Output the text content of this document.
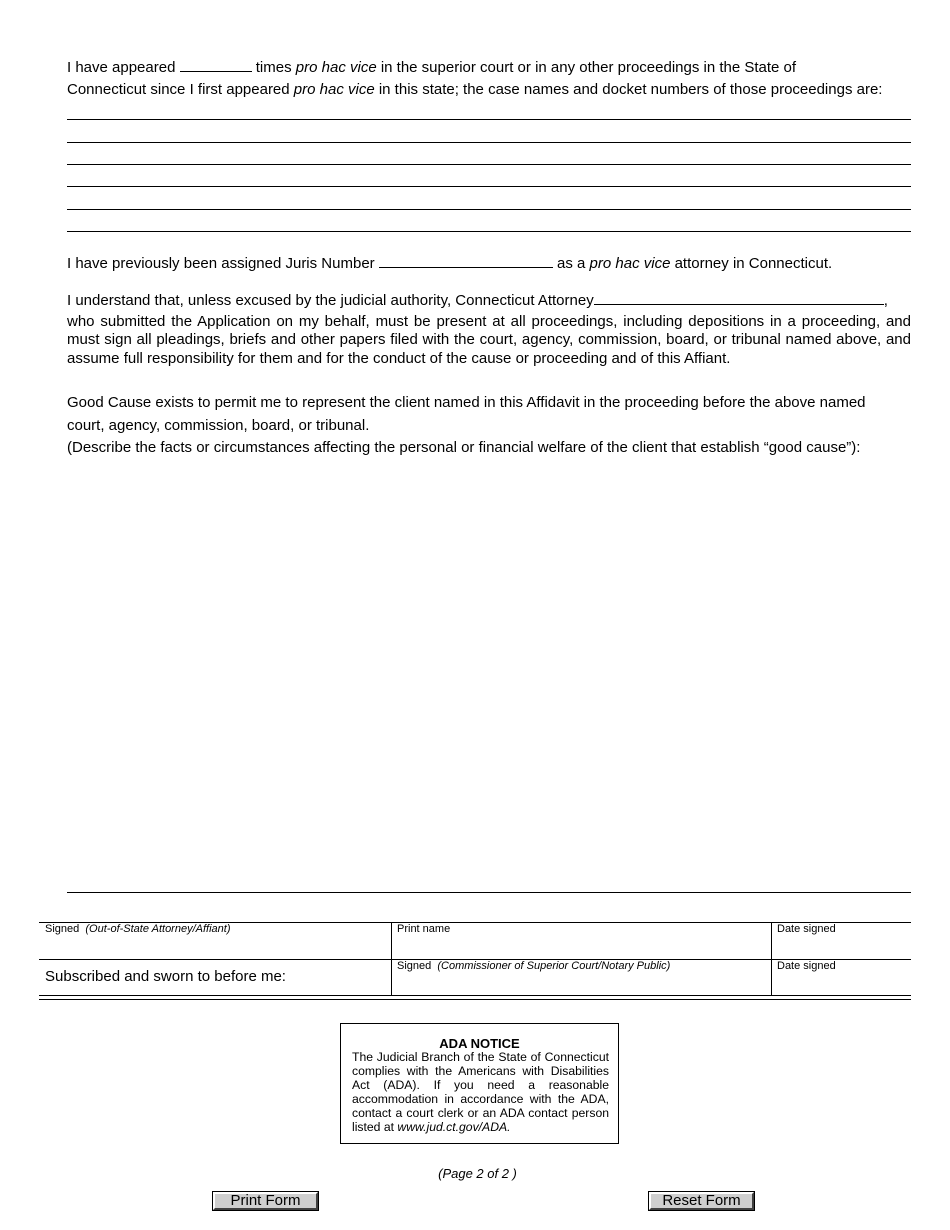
I have appeared	times pro hac vice in the superior court or in any other proceedings in the State of
Connecticut since I first appeared pro hac vice in this state; the case names and docket numbers of those proceedings are:
I have previously been assigned Juris Number	as a pro hac vice attorney in Connecticut.
I understand that, unless excused by the judicial authority, Connecticut Attorney	,
who submitted the Application on my behalf, must be present at all proceedings, including depositions in a proceeding, and must sign all pleadings, briefs and other papers filed with the court, agency, commission, board, or tribunal named above, and assume full responsibility for them and for the conduct of the cause or proceeding and of this Affiant.
Good Cause exists to permit me to represent the client named in this Affidavit in the proceeding before the above named
court, agency, commission, board, or tribunal.
(Describe the facts or circumstances affecting the personal or financial welfare of the client that establish “good cause”):
Signed (Out-of-State Attorney/Affiant)	Print name	Date signed
Subscribed and sworn to before me:
Signed (Commissioner of Superior Court/Notary Public)	Date signed
ADA NOTICE
The Judicial Branch of the State of Connecticut complies with the Americans with Disabilities Act (ADA). If you need a reasonable accommodation in accordance with the ADA, contact a court clerk or an ADA contact person listed at www.jud.ct.gov/ADA.
(Page 2 of 2 )
Print Form	Reset Form
